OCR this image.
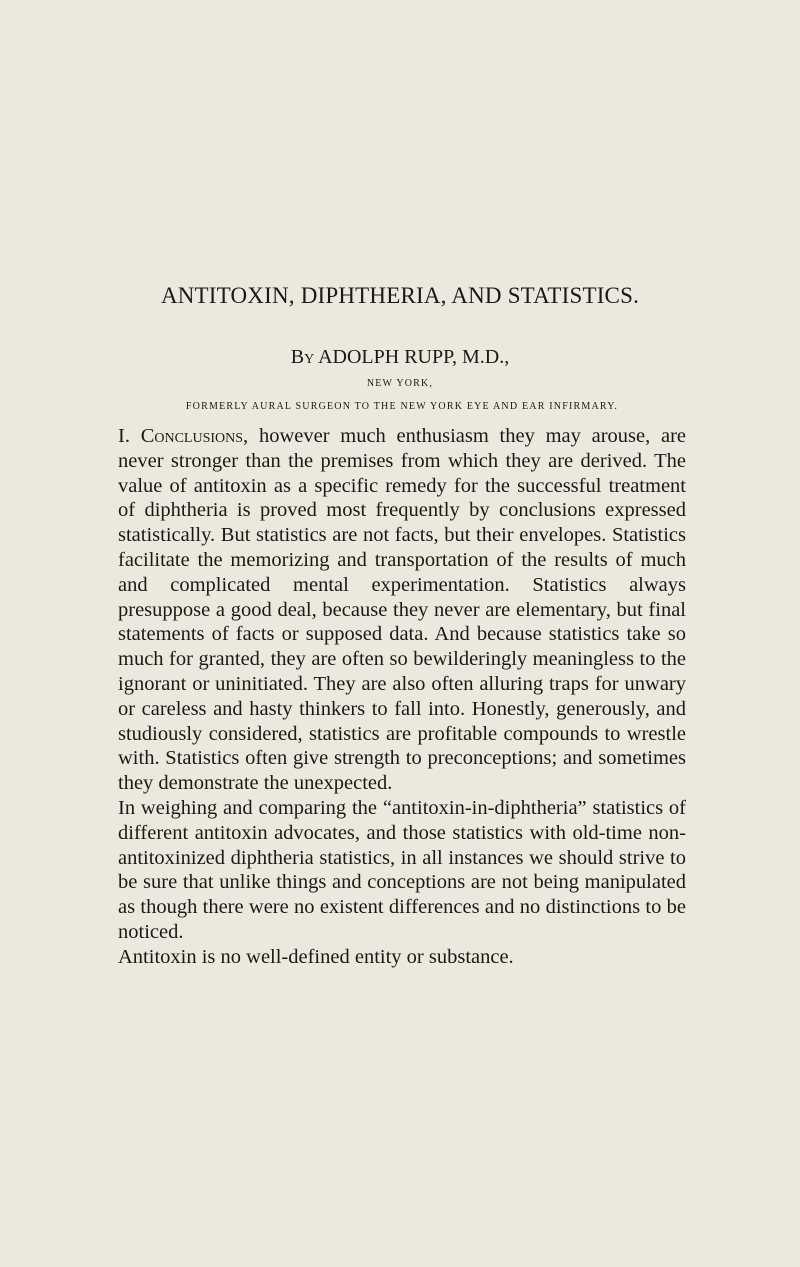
ANTITOXIN, DIPHTHERIA, AND STATISTICS.
By ADOLPH RUPP, M.D.,
NEW YORK,
FORMERLY AURAL SURGEON TO THE NEW YORK EYE AND EAR INFIRMARY.

I. Conclusions, however much enthusiasm they may arouse, are never stronger than the premises from which they are derived. The value of antitoxin as a specific remedy for the successful treatment of diphtheria is proved most frequently by conclusions expressed statistically. But statistics are not facts, but their envelopes. Statistics facilitate the memorizing and transportation of the results of much and complicated mental experimentation. Statistics always presuppose a good deal, because they never are elementary, but final statements of facts or supposed data. And because statistics take so much for granted, they are often so bewilderingly meaningless to the ignorant or uninitiated. They are also often alluring traps for unwary or careless and hasty thinkers to fall into. Honestly, generously, and studiously considered, statistics are profitable compounds to wrestle with. Statistics often give strength to preconceptions; and sometimes they demonstrate the unexpected.

In weighing and comparing the “antitoxin-in-diphtheria” statistics of different antitoxin advocates, and those statistics with old-time non-antitoxinized diphtheria statistics, in all instances we should strive to be sure that unlike things and conceptions are not being manipulated as though there were no existent differences and no distinctions to be noticed.

Antitoxin is no well-defined entity or substance.
